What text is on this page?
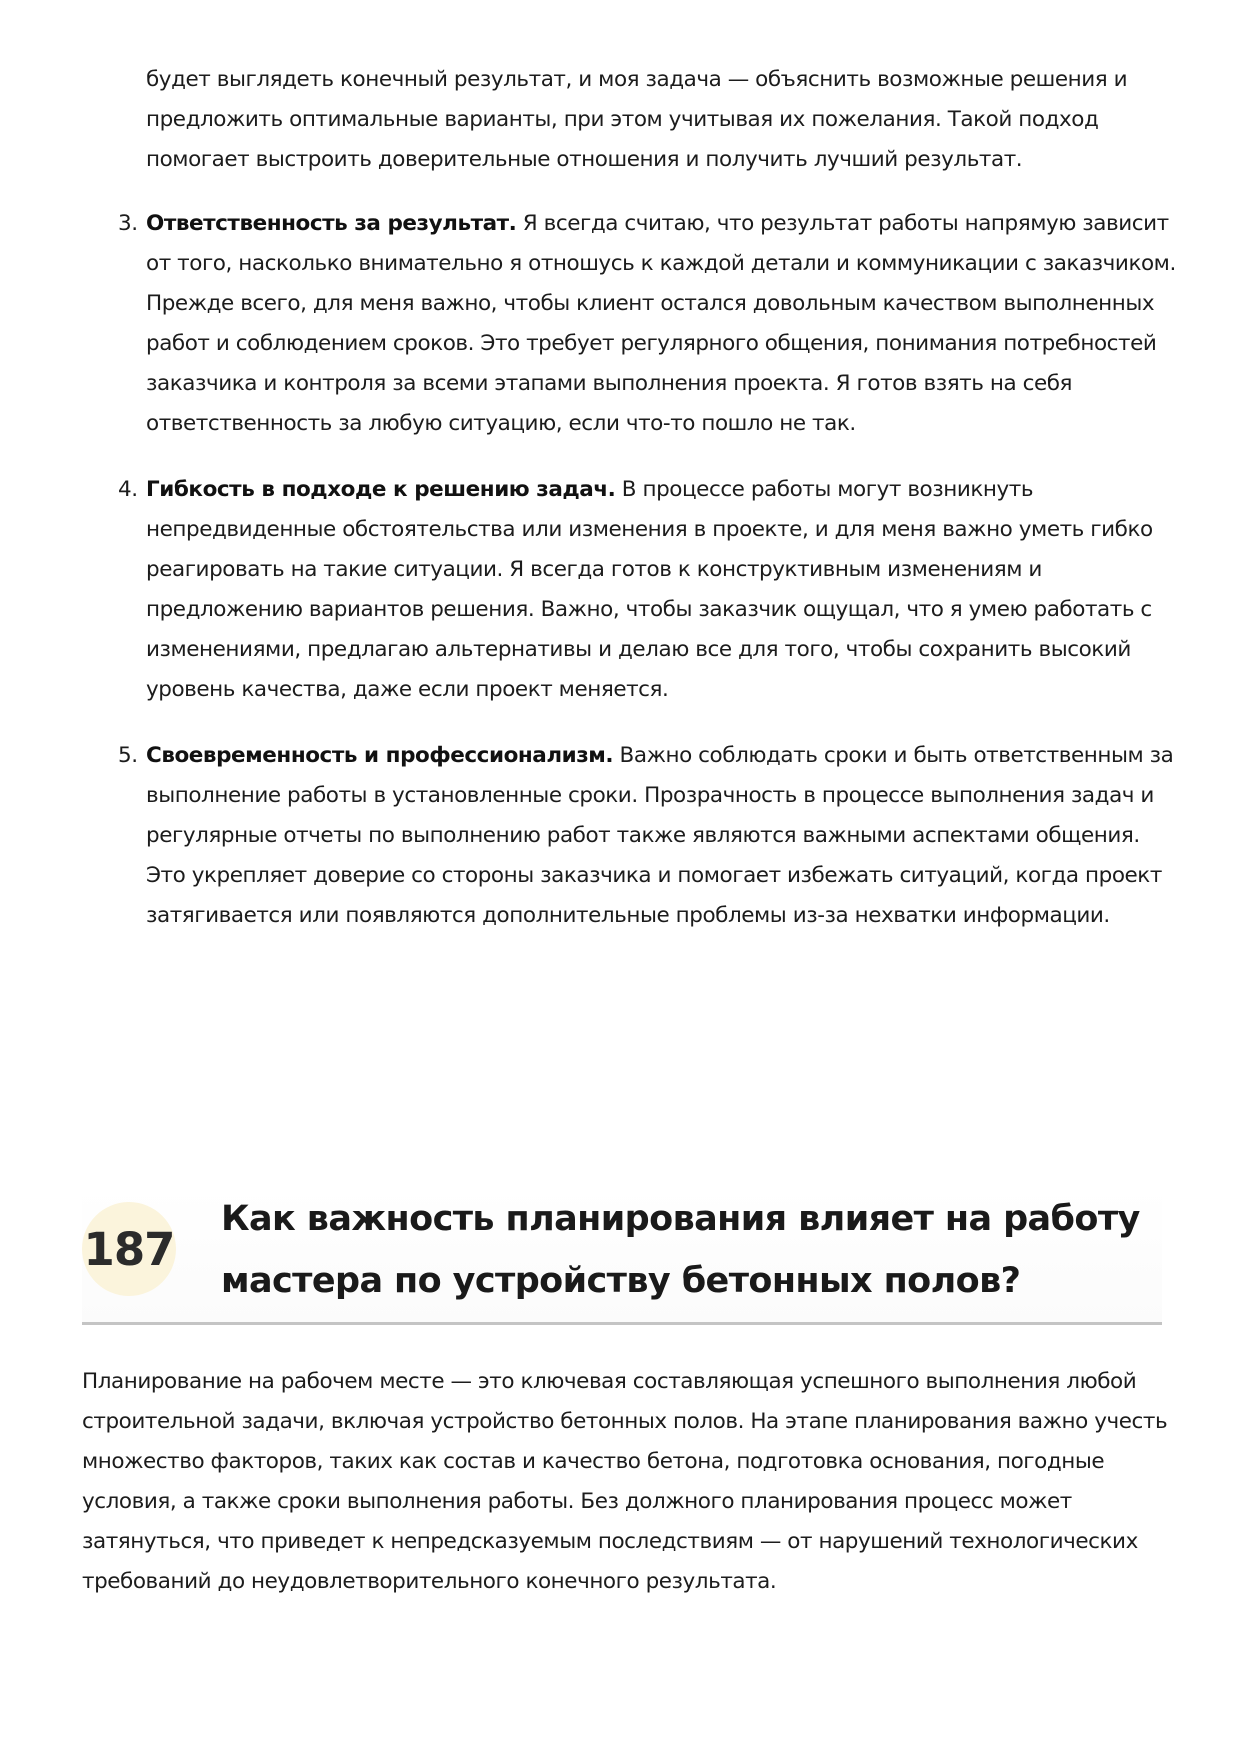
будет выглядеть конечный результат, и моя задача — объяснить возможные решения и предложить оптимальные варианты, при этом учитывая их пожелания. Такой подход помогает выстроить доверительные отношения и получить лучший результат.

3. Ответственность за результат. Я всегда считаю, что результат работы напрямую зависит от того, насколько внимательно я отношусь к каждой детали и коммуникации с заказчиком. Прежде всего, для меня важно, чтобы клиент остался довольным качеством выполненных работ и соблюдением сроков. Это требует регулярного общения, понимания потребностей заказчика и контроля за всеми этапами выполнения проекта. Я готов взять на себя ответственность за любую ситуацию, если что-то пошло не так.
4. Гибкость в подходе к решению задач. В процессе работы могут возникнуть непредвиденные обстоятельства или изменения в проекте, и для меня важно уметь гибко реагировать на такие ситуации. Я всегда готов к конструктивным изменениям и предложению вариантов решения. Важно, чтобы заказчик ощущал, что я умею работать с изменениями, предлагаю альтернативы и делаю все для того, чтобы сохранить высокий уровень качества, даже если проект меняется.
5. Своевременность и профессионализм. Важно соблюдать сроки и быть ответственным за выполнение работы в установленные сроки. Прозрачность в процессе выполнения задач и регулярные отчеты по выполнению работ также являются важными аспектами общения. Это укрепляет доверие со стороны заказчика и помогает избежать ситуаций, когда проект затягивается или появляются дополнительные проблемы из-за нехватки информации.
187
Как важность планирования влияет на работу мастера по устройству бетонных полов?

Планирование на рабочем месте — это ключевая составляющая успешного выполнения любой строительной задачи, включая устройство бетонных полов. На этапе планирования важно учесть множество факторов, таких как состав и качество бетона, подготовка основания, погодные условия, а также сроки выполнения работы. Без должного планирования процесс может затянуться, что приведет к непредсказуемым последствиям — от нарушений технологических требований до неудовлетворительного конечного результата.
